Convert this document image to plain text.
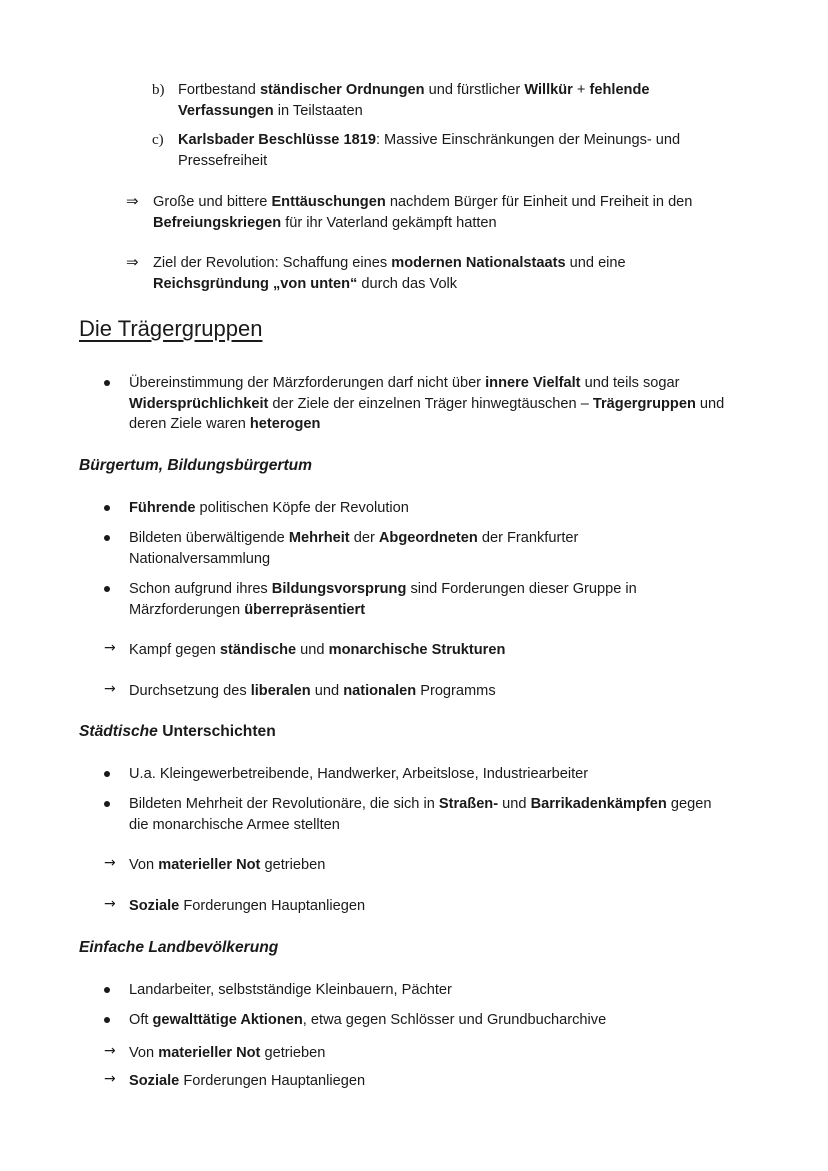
b) Fortbestand ständischer Ordnungen und fürstlicher Willkür + fehlende
Verfassungen in Teilstaaten
c) Karlsbader Beschlüsse 1819: Massive Einschränkungen der Meinungs- und
Pressefreiheit
⇒ Große und bittere Enttäuschungen nachdem Bürger für Einheit und Freiheit in den
Befreiungskriegen für ihr Vaterland gekämpft hatten
⇒ Ziel der Revolution: Schaffung eines modernen Nationalstaats und eine
Reichsgründung „von unten“ durch das Volk
Die Trägergruppen
Übereinstimmung der Märzforderungen darf nicht über innere Vielfalt und teils sogar
Widersprüchlichkeit der Ziele der einzelnen Träger hinwegtäuschen – Trägergruppen und
deren Ziele waren heterogen
Bürgertum, Bildungsbürgertum
Führende politischen Köpfe der Revolution
Bildeten überwältigende Mehrheit der Abgeordneten der Frankfurter
Nationalversammlung
Schon aufgrund ihres Bildungsvorsprung sind Forderungen dieser Gruppe in
Märzforderungen überrepräsentiert
→ Kampf gegen ständische und monarchische Strukturen
→ Durchsetzung des liberalen und nationalen Programms
Städtische Unterschichten
U.a. Kleingewerbetreibende, Handwerker, Arbeitslose, Industriearbeiter
Bildeten Mehrheit der Revolutionäre, die sich in Straßen- und Barrikadenkämpfen gegen
die monarchische Armee stellten
→ Von materieller Not getrieben
→ Soziale Forderungen Hauptanliegen
Einfache Landbevölkerung
Landarbeiter, selbstständige Kleinbauern, Pächter
Oft gewalttätige Aktionen, etwa gegen Schlösser und Grundbucharchive
→ Von materieller Not getrieben
→ Soziale Forderungen Hauptanliegen
